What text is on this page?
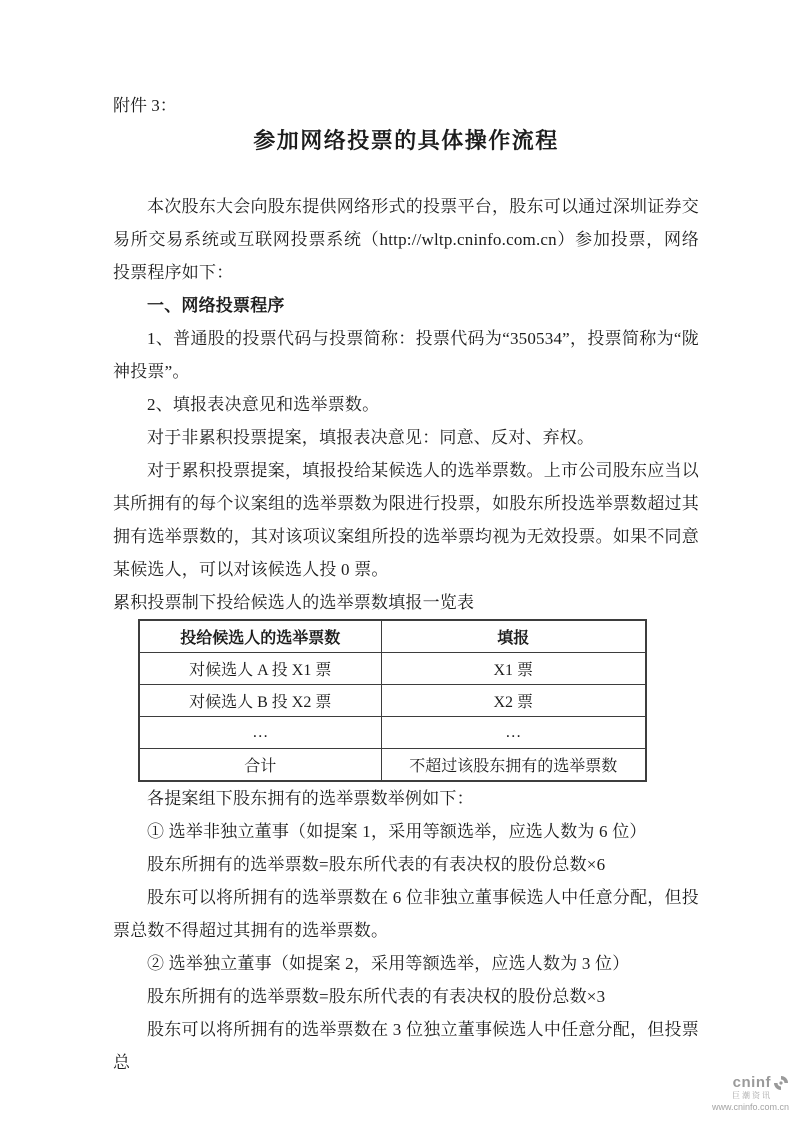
附件 3：
参加网络投票的具体操作流程

本次股东大会向股东提供网络形式的投票平台，股东可以通过深圳证券交易所交易系统或互联网投票系统（http://wltp.cninfo.com.cn）参加投票，网络投票程序如下：

一、网络投票程序

1、普通股的投票代码与投票简称：投票代码为“350534”，投票简称为“陇神投票”。

2、填报表决意见和选举票数。

对于非累积投票提案，填报表决意见：同意、反对、弃权。

对于累积投票提案，填报投给某候选人的选举票数。上市公司股东应当以其所拥有的每个议案组的选举票数为限进行投票，如股东所投选举票数超过其拥有选举票数的，其对该项议案组所投的选举票均视为无效投票。如果不同意某候选人，可以对该候选人投 0 票。

累积投票制下投给候选人的选举票数填报一览表

投给候选人的选举票数	填报
对候选人 A 投 X1 票	X1 票
对候选人 B 投 X2 票	X2 票
…	…
合计	不超过该股东拥有的选举票数

各提案组下股东拥有的选举票数举例如下：

① 选举非独立董事（如提案 1，采用等额选举，应选人数为 6 位）

股东所拥有的选举票数=股东所代表的有表决权的股份总数×6

股东可以将所拥有的选举票数在 6 位非独立董事候选人中任意分配，但投票总数不得超过其拥有的选举票数。

② 选举独立董事（如提案 2，采用等额选举，应选人数为 3 位）

股东所拥有的选举票数=股东所代表的有表决权的股份总数×3

股东可以将所拥有的选举票数在 3 位独立董事候选人中任意分配，但投票总

cninf
巨潮资讯
www.cninfo.com.cn
